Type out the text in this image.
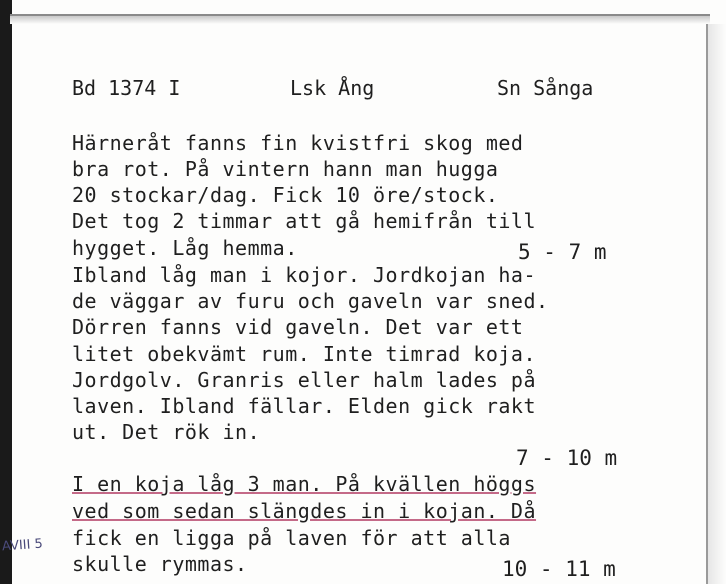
Bd 1374 I	Lsk Ång	Sn Sånga
Härneråt fanns fin kvistfri skog med
bra rot. På vintern hann man hugga
20 stockar/dag. Fick 10 öre/stock.
Det tog 2 timmar att gå hemifrån till
hygget. Låg hemma.	5 - 7 m
Ibland låg man i kojor. Jordkojan ha-
de väggar av furu och gaveln var sned.
Dörren fanns vid gaveln. Det var ett
litet obekvämt rum. Inte timrad koja.
Jordgolv. Granris eller halm lades på
laven. Ibland fällar. Elden gick rakt
ut. Det rök in.
7 - 10 m
I en koja låg 3 man. På kvällen höggs
ved som sedan slängdes in i kojan. Då
fick en ligga på laven för att alla
skulle rymmas.	10 - 11 m
AVIII 5
